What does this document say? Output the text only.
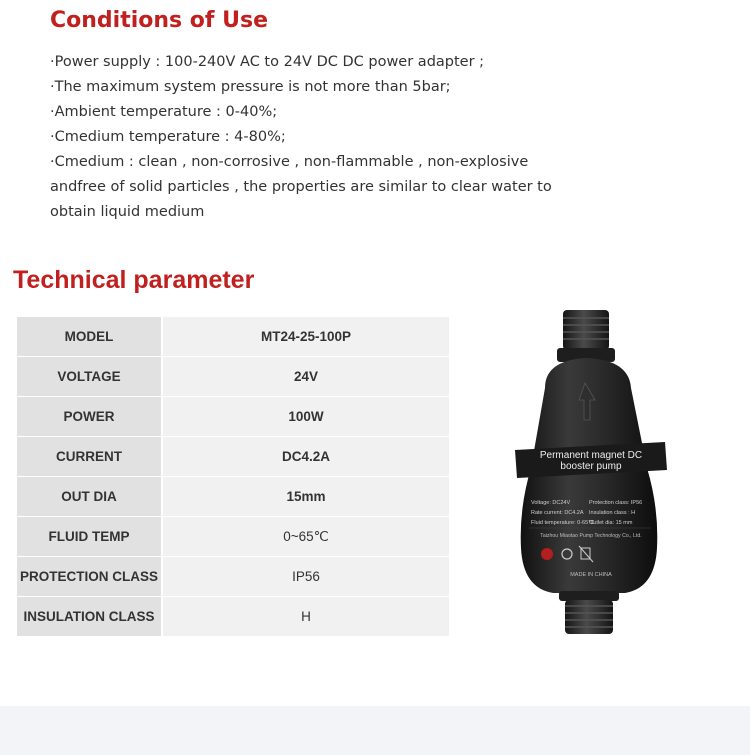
Conditions of Use
·Power supply : 100-240V AC to 24V DC DC power adapter ;
·The maximum system pressure is not more than 5bar;
·Ambient temperature : 0-40%;
·Cmedium temperature : 4-80%;
·Cmedium : clean , non-corrosive , non-flammable , non-explosive
andfree of solid particles , the properties are similar to clear water to
obtain liquid medium
Technical parameter
MODEL	MT24-25-100P
VOLTAGE	24V
POWER	100W
CURRENT	DC4.2A
OUT DIA	15mm
FLUID TEMP	0~65℃
PROTECTION CLASS	IP56
INSULATION CLASS	H
Permanent magnet DC
booster pump
Voltage: DC24V	Protection class: IP56
Rate current: DC4.2A Insulation class : H
Fluid temperature: 0-65℃
Outlet dia: 15 mm
Taizhou Miaotao Pump Technology Co., Ltd.
MADE IN CHINA
